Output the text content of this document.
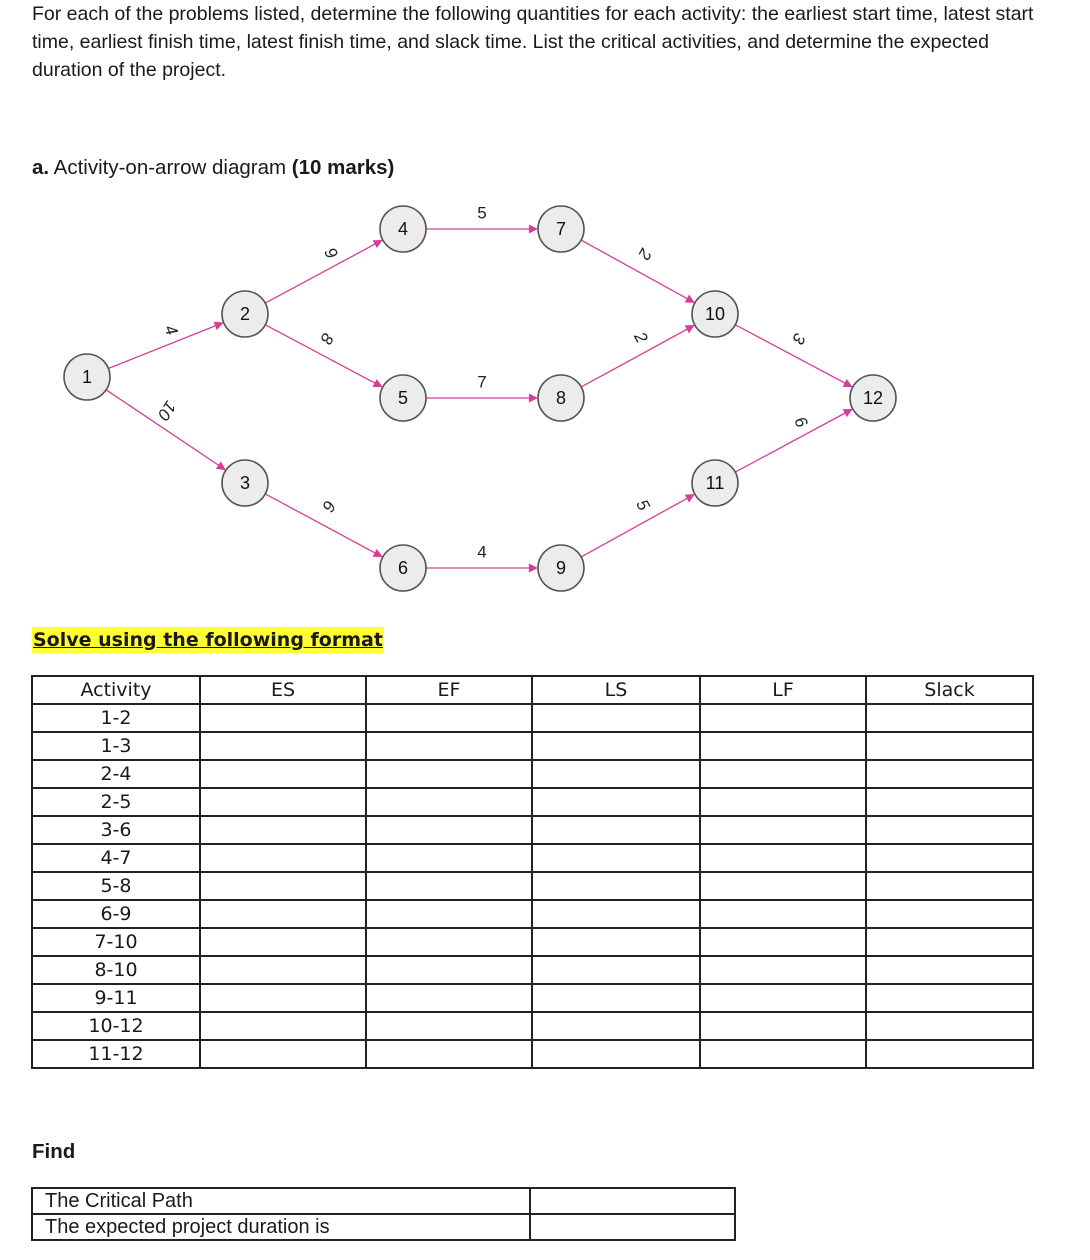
For each of the problems listed, determine the following quantities for each activity: the earliest start time, latest start time, earliest finish time, latest finish time, and slack time. List the critical activities, and determine the expected duration of the project.

a. Activity-on-arrow diagram (10 marks)

4
10
9
8
6
5
7
4
2
2
5
3
6
1
2
3
4
5
6
7
8
9
10
11
12

Solve using the following format

Activity	ES	EF	LS	LF	Slack
1-2					
1-3					
2-4					
2-5					
3-6					
4-7					
5-8					
6-9					
7-10					
8-10					
9-11					
10-12					
11-12					

Find

The Critical Path	
The expected project duration is	
